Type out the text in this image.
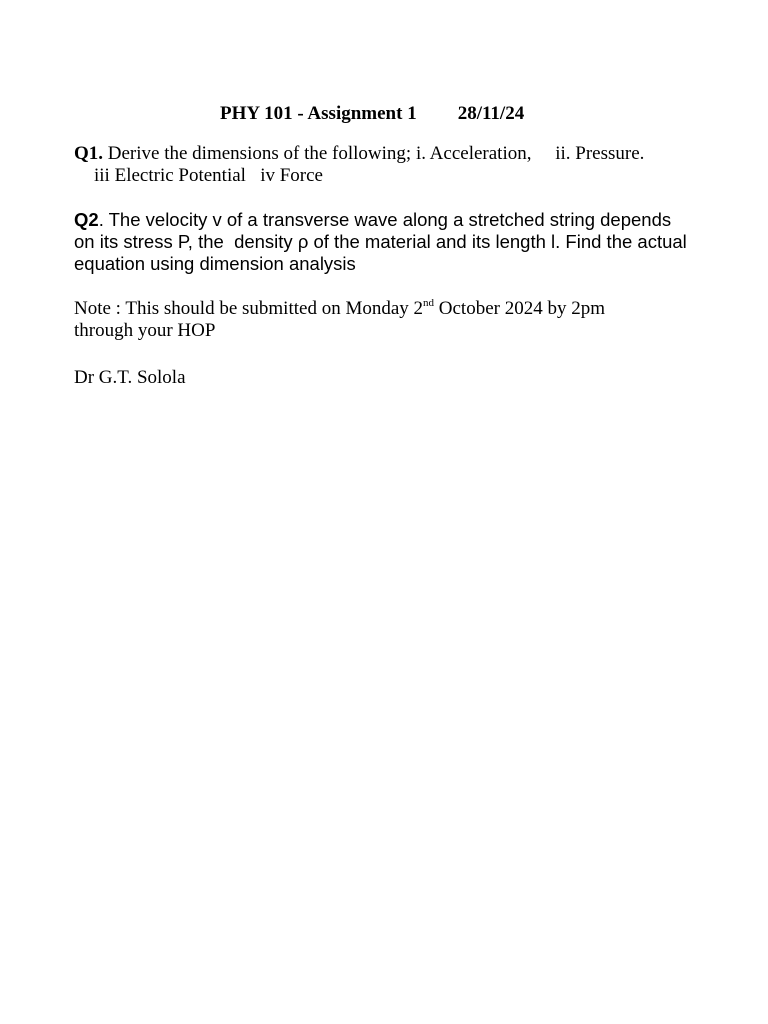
PHY 101 - Assignment 1 28/11/24
Q1. Derive the dimensions of the following; i. Acceleration,     ii. Pressure.
iii Electric Potential   iv Force
Q2. The velocity v of a transverse wave along a stretched string depends
on its stress P, the  density ρ of the material and its length l. Find the actual
equation using dimension analysis
Note : This should be submitted on Monday 2nd October 2024 by 2pm
through your HOP
Dr G.T. Solola
